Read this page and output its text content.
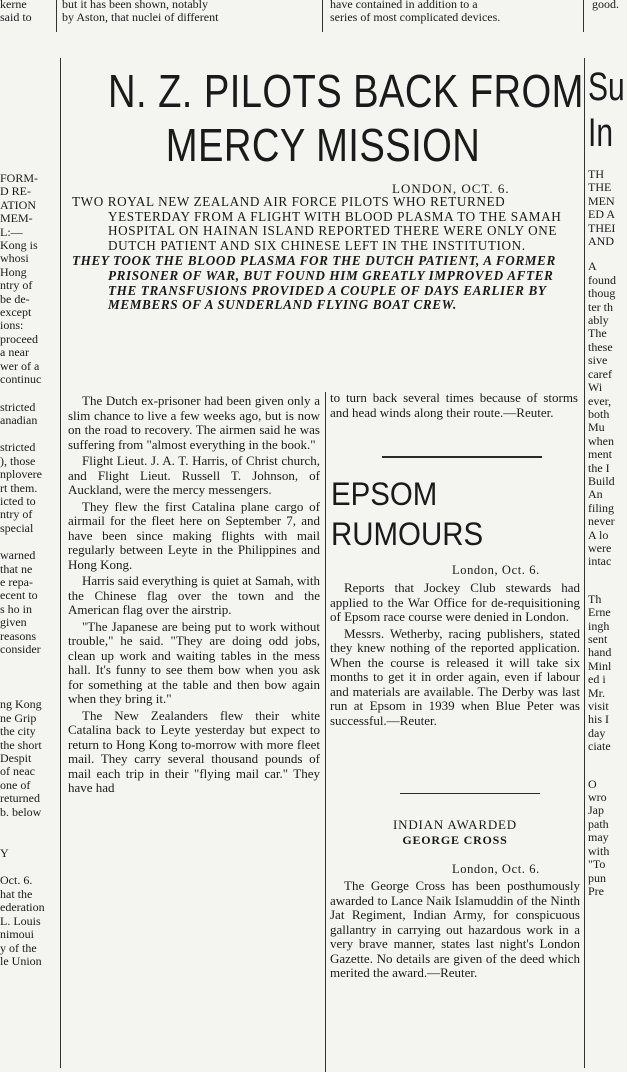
kerne
said to
but it has been shown, notably
by Aston, that nuclei of different
have contained in addition to a
series of most complicated devices.
good.
FORM-
D RE-
ATION
MEM-
L:—
Kong is
whosi
Hong
ntry of
be de-
except
ions:
proceed
a near
wer of a
continuc
stricted
anadian
stricted
), those
nplovere
rt them.
icted to
ntry of
special
warned
that ne
e repa-
ecent to
s ho in
given
reasons
consider
ng Kong
ne Grip
the city
the short
Despit
of neac
one of
returned
b. below
Y
Oct. 6.
hat the
ederation
L. Louis
nimoui
y of the
le Union
Su
In
TH
THE
MEN
ED A
THEI
AND
A
found
thoug
ter th
ably
The
these
sive
caref
Wi
ever,
both
Mu
when
ment
the I
Build
An
filing
never
A lo
were
intac
Th
Erne
ingh
sent
hand
Minl
ed i
Mr.
visit
his I
day
ciate
O
wro
Jap
path
may
with
"To
pun
Pre
N. Z. PILOTS BACK FROM
MERCY MISSION
LONDON, OCT. 6.

TWO ROYAL NEW ZEALAND AIR FORCE PILOTS WHO RETURNED YESTERDAY FROM A FLIGHT WITH BLOOD PLASMA TO THE SAMAH HOSPITAL ON HAINAN ISLAND REPORTED THERE WERE ONLY ONE DUTCH PATIENT AND SIX CHINESE LEFT IN THE INSTITUTION.

THEY TOOK THE BLOOD PLASMA FOR THE DUTCH PATIENT, A FORMER PRISONER OF WAR, BUT FOUND HIM GREATLY IMPROVED AFTER THE TRANSFUSIONS PROVIDED A COUPLE OF DAYS EARLIER BY MEMBERS OF A SUNDERLAND FLYING BOAT CREW.

The Dutch ex-prisoner had been given only a slim chance to live a few weeks ago, but is now on the road to recovery. The airmen said he was suffering from "almost everything in the book."

Flight Lieut. J. A. T. Harris, of Christ church, and Flight Lieut. Russell T. Johnson, of Auckland, were the mercy messengers.

They flew the first Catalina plane cargo of airmail for the fleet here on September 7, and have been since making flights with mail regularly between Leyte in the Philippines and Hong Kong.

Harris said everything is quiet at Samah, with the Chinese flag over the town and the American flag over the airstrip.

"The Japanese are being put to work without trouble," he said. "They are doing odd jobs, clean up work and waiting tables in the mess hall. It's funny to see them bow when you ask for something at the table and then bow again when they bring it."

The New Zealanders flew their white Catalina back to Leyte yesterday but expect to return to Hong Kong to-morrow with more fleet mail. They carry several thousand pounds of mail each trip in their "flying mail car." They have had

to turn back several times because of storms and head winds along their route.—Reuter.

EPSOM
RUMOURS
London, Oct. 6.

Reports that Jockey Club stewards had applied to the War Office for de-requisitioning of Epsom race course were denied in London.

Messrs. Wetherby, racing publishers, stated they knew nothing of the reported application. When the course is released it will take six months to get it in order again, even if labour and materials are available. The Derby was last run at Epsom in 1939 when Blue Peter was successful.—Reuter.

INDIAN AWARDED
GEORGE CROSS
London, Oct. 6.

The George Cross has been posthumously awarded to Lance Naik Islamuddin of the Ninth Jat Regiment, Indian Army, for conspicuous gallantry in carrying out hazardous work in a very brave manner, states last night's London Gazette. No details are given of the deed which merited the award.—Reuter.
